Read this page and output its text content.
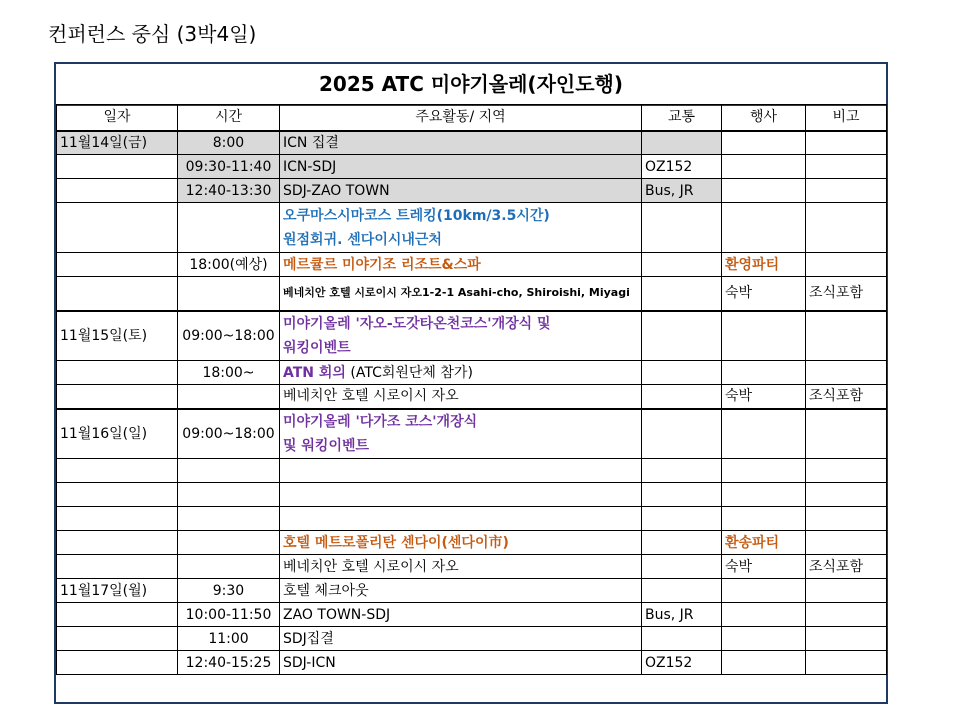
컨퍼런스 중심 (3박4일)
2025 ATC 미야기올레(자인도행)
일자	시간	주요활동/ 지역	교통	행사	비고
11월14일(금)	8:00	ICN 집결			
	09:30-11:40	ICN-SDJ	OZ152		
	12:40-13:30	SDJ-ZAO TOWN	Bus, JR		

		오쿠마스시마코스 트레킹(10km/3.5시간)
원점회귀. 센다이시내근처			

	18:00(예상)	메르큘르 미야기조 리조트&스파		환영파티	
		베네치안 호텔 시로이시 자오1-2-1 Asahi-cho, Shiroishi, Miyagi		숙박	조식포함
11월15일(토)	09:00~18:00	미야기올레 '자오-도갓타온천코스'개장식 및
워킹이벤트			

	18:00~	ATN 회의 (ATC회원단체 참가)			
		베네치안 호텔 시로이시 자오		숙박	조식포함
11월16일(일)	09:00~18:00	미야기올레 '다가조 코스'개장식
및 워킹이벤트			

		호텔 메트로폴리탄 센다이(센다이市)		환송파티	
		베네치안 호텔 시로이시 자오		숙박	조식포함
11월17일(월)	9:30	호텔 체크아웃			
	10:00-11:50	ZAO TOWN-SDJ	Bus, JR		
	11:00	SDJ집결			
	12:40-15:25	SDJ-ICN	OZ152		
